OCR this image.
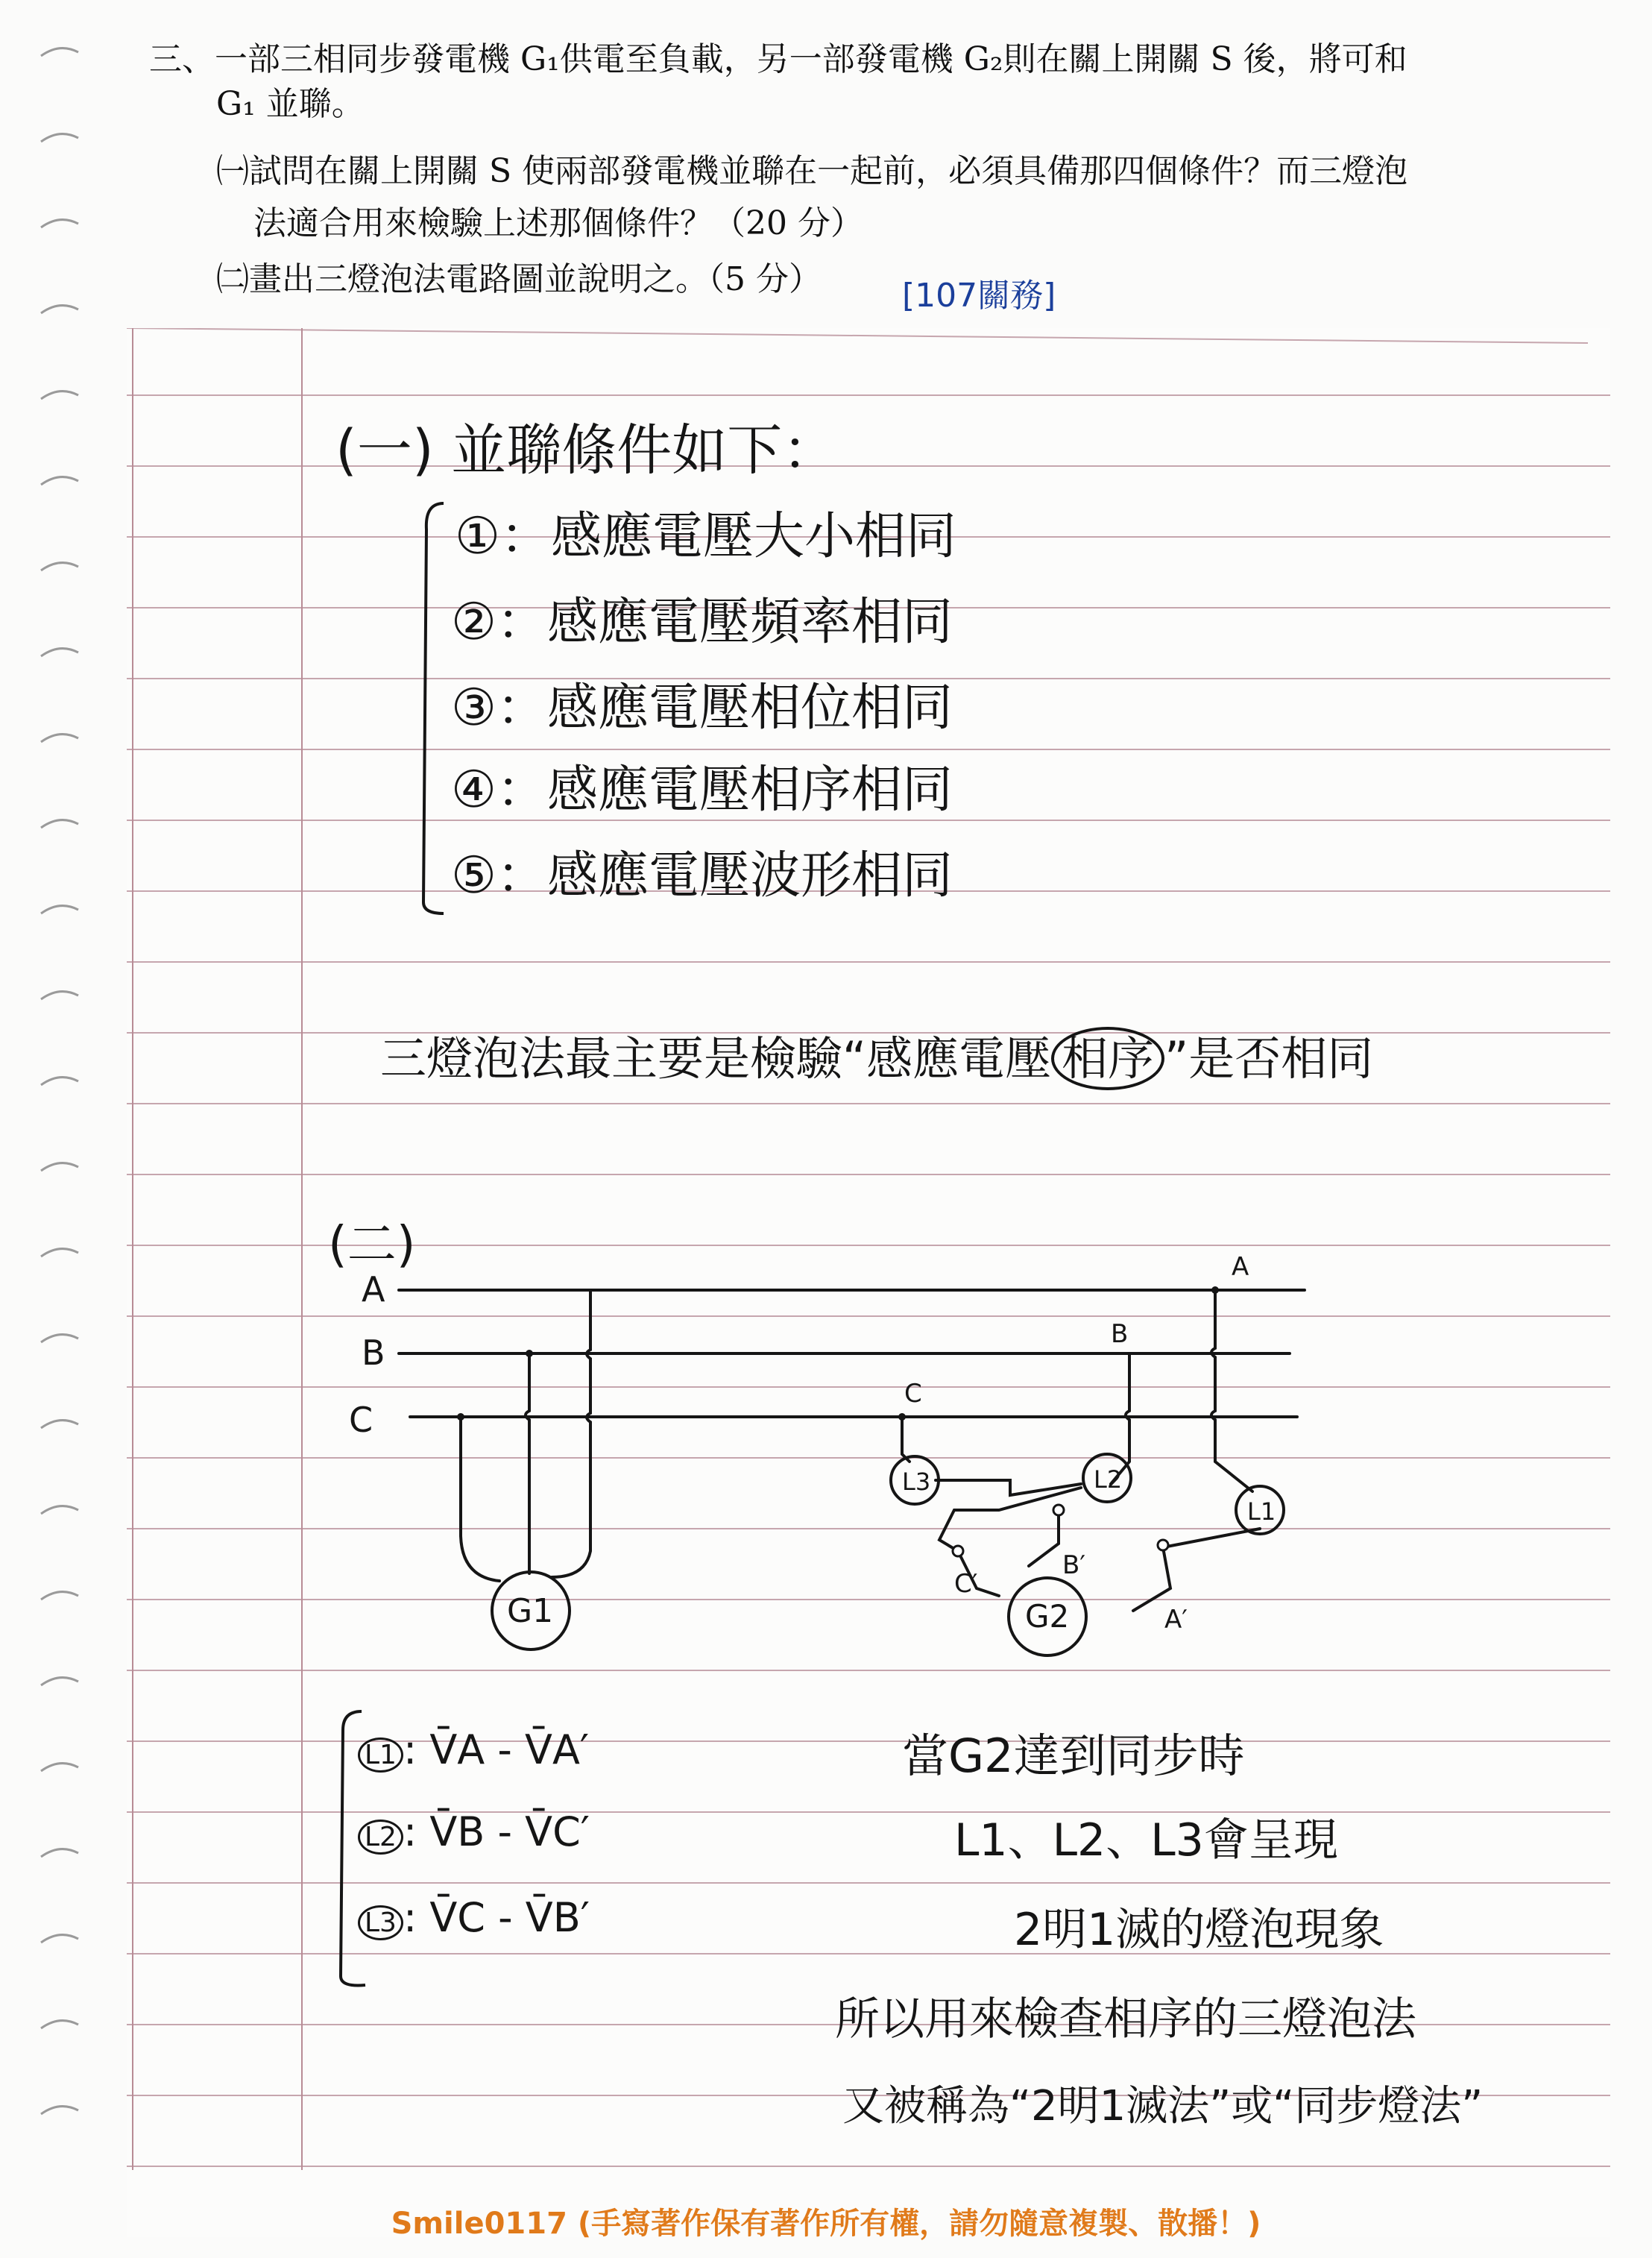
三、一部三相同步發電機 G₁供電至負載，另一部發電機 G₂則在關上開關 S 後，將可和
G₁ 並聯。
㈠試問在關上開關 S 使兩部發電機並聯在一起前，必須具備那四個條件？而三燈泡
法適合用來檢驗上述那個條件？（20 分）
㈡畫出三燈泡法電路圖並說明之。（5 分） [107關務]
(一) 並聯條件如下：
①：感應電壓大小相同
②：感應電壓頻率相同
③：感應電壓相位相同
④：感應電壓相序相同
⑤：感應電壓波形相同
三燈泡法最主要是檢驗“感應電壓 相序 ”是否相同
(二)
A
B
C
A
B
C
G1	G2
L1
L2
L3
A′
B′
C′
L1 : V̄A - V̄A′
L2 : V̄B - V̄C′
L3 : V̄C - V̄B′
當G2達到同步時
L1、L2、L3會呈現
2明1滅的燈泡現象
所以用來檢查相序的三燈泡法
又被稱為“2明1滅法”或“同步燈法”
Smile0117 (手寫著作保有著作所有權，請勿隨意複製、散播！)
